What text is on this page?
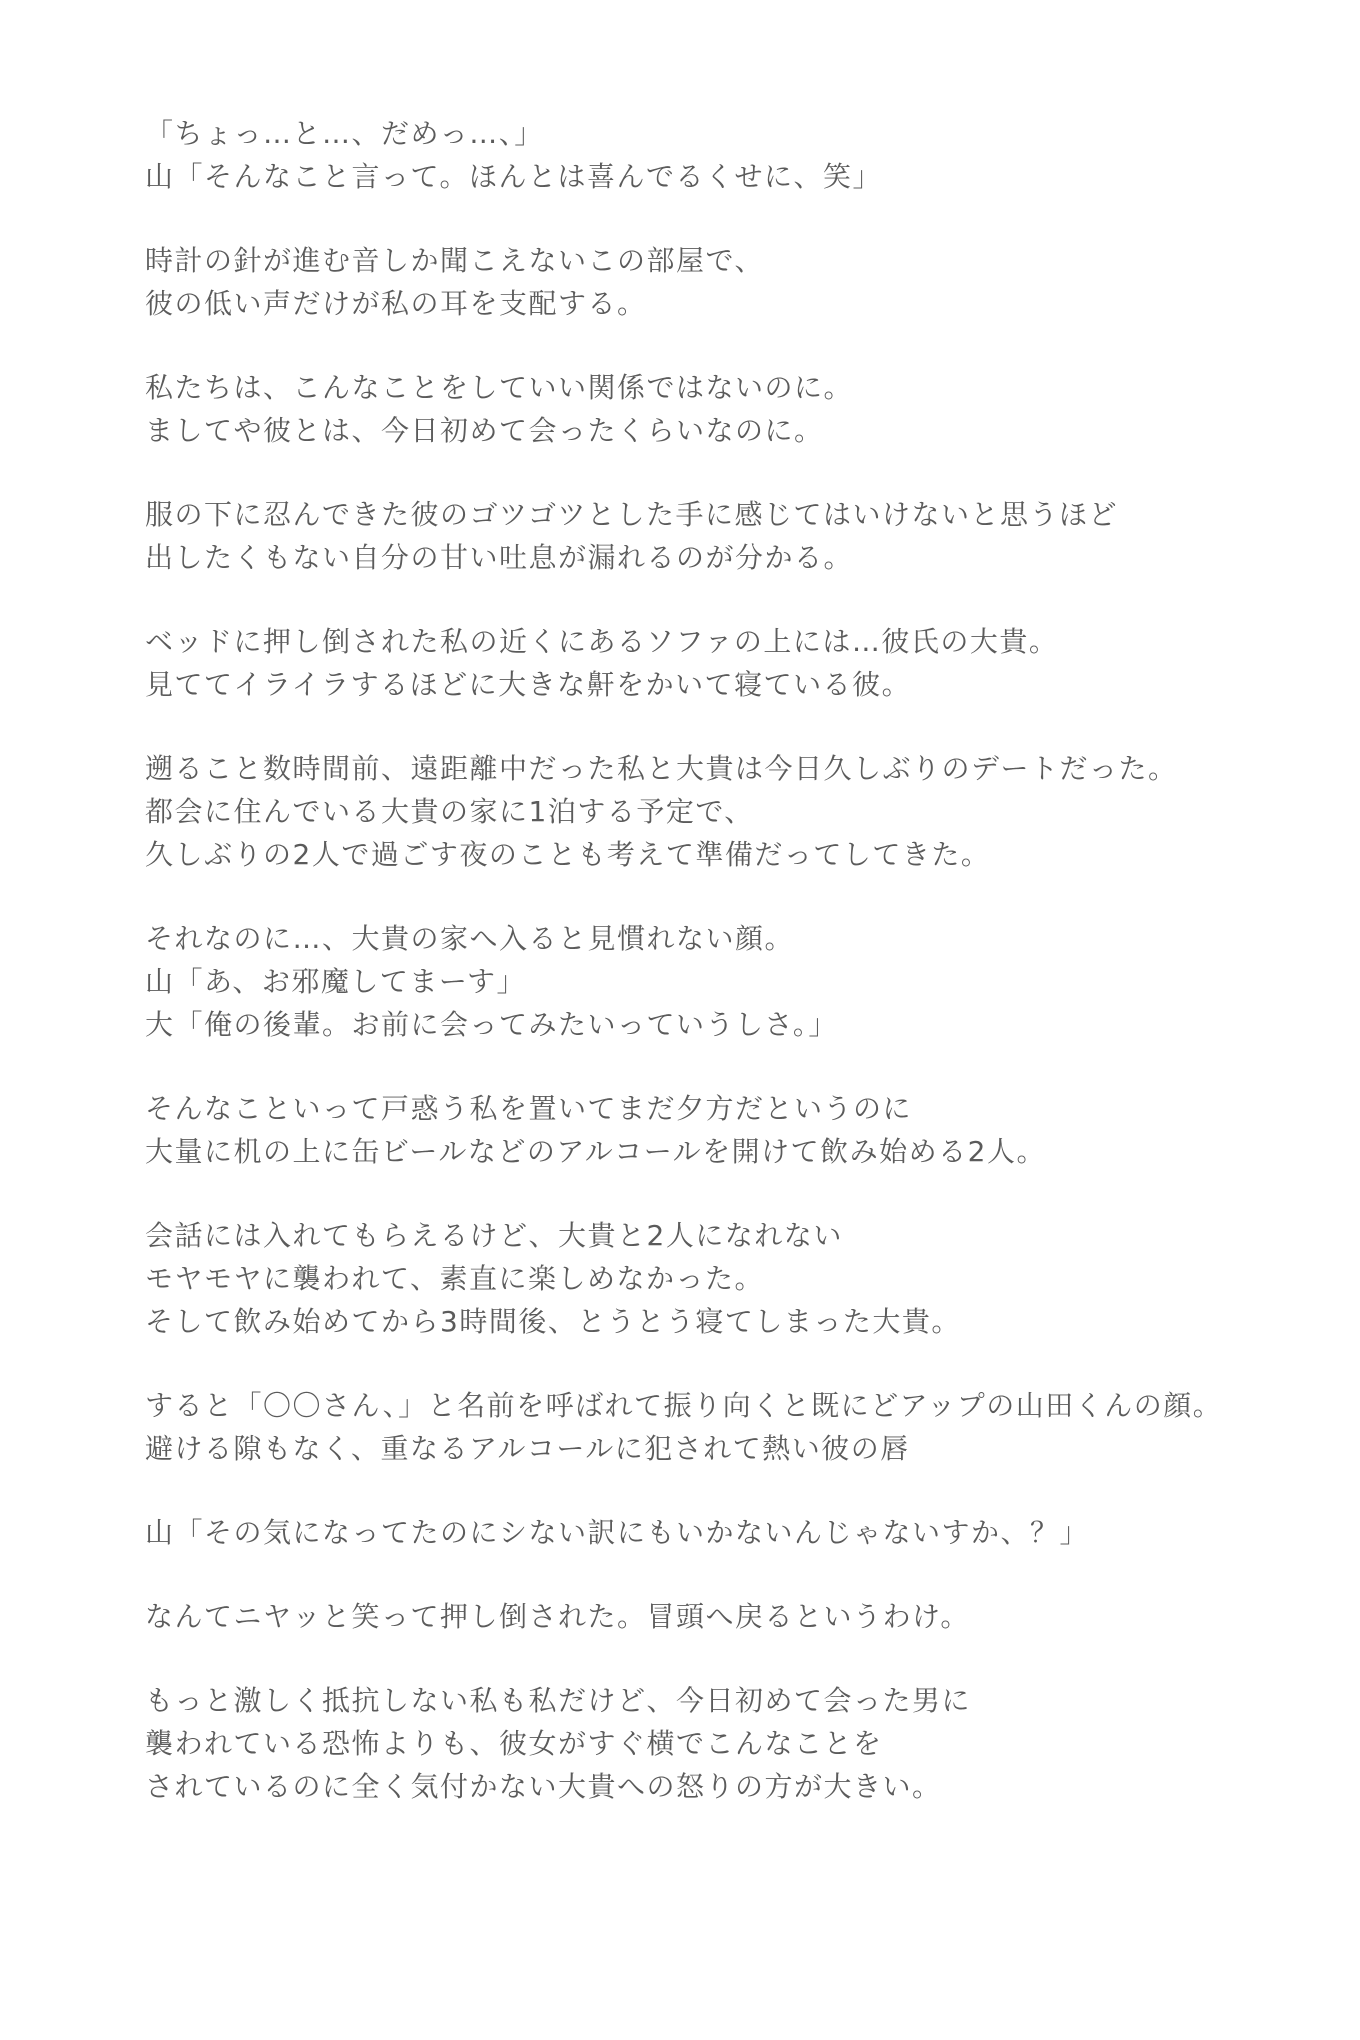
「ちょっ…と…、だめっ…、」
山「そんなこと言って。ほんとは喜んでるくせに、笑」
時計の針が進む音しか聞こえないこの部屋で、
彼の低い声だけが私の耳を支配する。
私たちは、こんなことをしていい関係ではないのに。
ましてや彼とは、今日初めて会ったくらいなのに。
服の下に忍んできた彼のゴツゴツとした手に感じてはいけないと思うほど
出したくもない自分の甘い吐息が漏れるのが分かる。
ベッドに押し倒された私の近くにあるソファの上には…彼氏の大貴。
見ててイライラするほどに大きな鼾をかいて寝ている彼。
遡ること数時間前、遠距離中だった私と大貴は今日久しぶりのデートだった。
都会に住んでいる大貴の家に1泊する予定で、
久しぶりの2人で過ごす夜のことも考えて準備だってしてきた。
それなのに…、大貴の家へ入ると見慣れない顔。
山「あ、お邪魔してまーす」
大「俺の後輩。お前に会ってみたいっていうしさ。」
そんなこといって戸惑う私を置いてまだ夕方だというのに
大量に机の上に缶ビールなどのアルコールを開けて飲み始める2人。
会話には入れてもらえるけど、大貴と2人になれない
モヤモヤに襲われて、素直に楽しめなかった。
そして飲み始めてから3時間後、とうとう寝てしまった大貴。
すると「〇〇さん、」と名前を呼ばれて振り向くと既にどアップの山田くんの顔。
避ける隙もなく、重なるアルコールに犯されて熱い彼の唇
山「その気になってたのにシない訳にもいかないんじゃないすか、？」
なんてニヤッと笑って押し倒された。冒頭へ戻るというわけ。
もっと激しく抵抗しない私も私だけど、今日初めて会った男に
襲われている恐怖よりも、彼女がすぐ横でこんなことを
されているのに全く気付かない大貴への怒りの方が大きい。
